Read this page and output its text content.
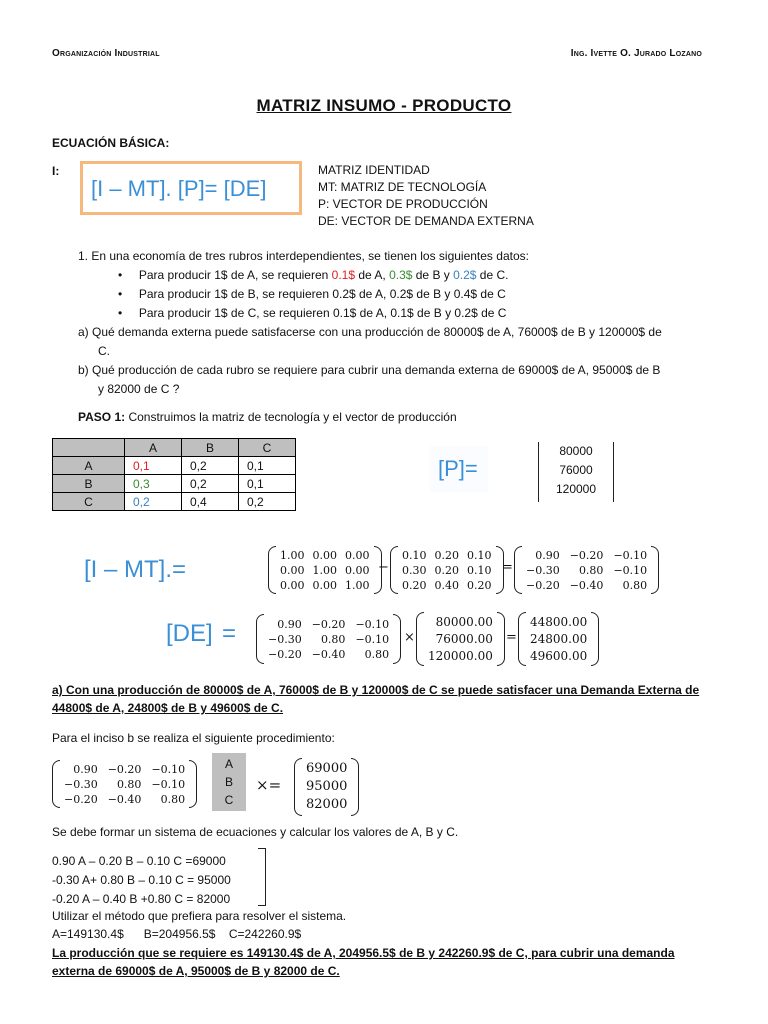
Organización Industrial	Ing. Ivette O. Jurado Lozano
MATRIZ INSUMO - PRODUCTO
ECUACIÓN BÁSICA:
I:
[I – MT]. [P]= [DE]
MATRIZ IDENTIDAD
MT: MATRIZ DE TECNOLOGÍA
P: VECTOR DE PRODUCCIÓN
DE: VECTOR DE DEMANDA EXTERNA
1. En una economía de tres rubros interdependientes, se tienen los siguientes datos:
• Para producir 1$ de A, se requieren 0.1$ de A, 0.3$ de B y 0.2$ de C.
• Para producir 1$ de B, se requieren 0.2$ de A, 0.2$ de B y 0.4$ de C
• Para producir 1$ de C, se requieren 0.1$ de A, 0.1$ de B y 0.2$ de C
a) Qué demanda externa puede satisfacerse con una producción de 80000$ de A, 76000$ de B y 120000$ de
C.
b) Qué producción de cada rubro se requiere para cubrir una demanda externa de 69000$ de A, 95000$ de B
y 82000 de C ?
PASO 1: Construimos la matriz de tecnología y el vector de producción
	A	B	C
A	0,1	0,2	0,1
B	0,3	0,2	0,1
C	0,2	0,4	0,2
[P]=
80000
76000
120000
[I – MT].=
1.00 0.00 0.00
0.00 1.00 0.00
0.00 0.00 1.00
−
0.10 0.20 0.10
0.30 0.20 0.10
0.20 0.40 0.20
=
0.90 −0.20 −0.10
−0.30	0.80 −0.10
−0.20 −0.40	0.80
[DE] =	0.90 −0.20 −0.10
−0.30	0.80 −0.10
−0.20 −0.40	0.80
×
80000.00
76000.00
120000.00
=
44800.00
24800.00
49600.00
a) Con una producción de 80000$ de A, 76000$ de B y 120000$ de C se puede satisfacer una Demanda Externa de
44800$ de A, 24800$ de B y 49600$ de C.
Para el inciso b se realiza el siguiente procedimiento:
0.90 −0.20 −0.10
−0.30	0.80 −0.10
−0.20 −0.40	0.80
A
B
C
×=
69000
95000
82000
Se debe formar un sistema de ecuaciones y calcular los valores de A, B y C.
0.90 A – 0.20 B – 0.10 C =69000
-0.30 A+ 0.80 B – 0.10 C = 95000
-0.20 A – 0.40 B +0.80 C = 82000
Utilizar el método que prefiera para resolver el sistema.
A=149130.4$      B=204956.5$    C=242260.9$
La producción que se requiere es 149130.4$ de A, 204956.5$ de B y 242260.9$ de C, para cubrir una demanda
externa de 69000$ de A, 95000$ de B y 82000 de C.
